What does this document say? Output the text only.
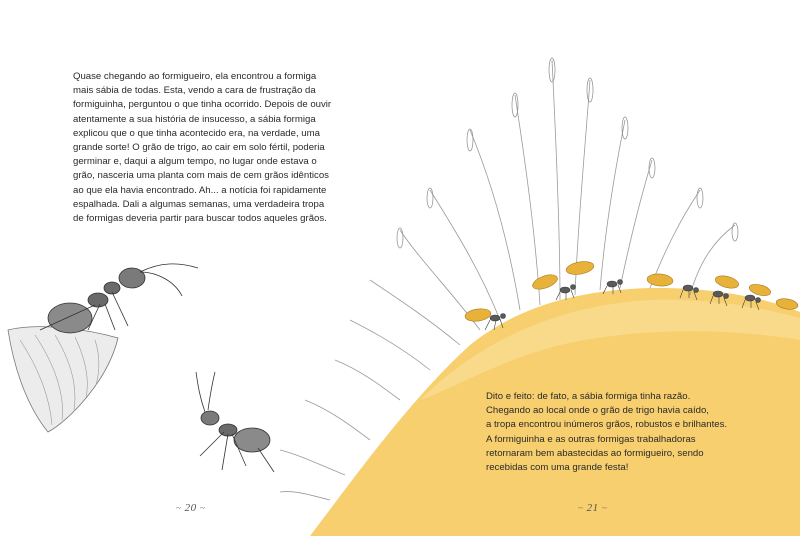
Quase chegando ao formigueiro, ela encontrou a formiga
mais sábia de todas. Esta, vendo a cara de frustração da
formiguinha, perguntou o que tinha ocorrido. Depois de ouvir
atentamente a sua história de insucesso, a sábia formiga
explicou que o que tinha acontecido era, na verdade, uma
grande sorte! O grão de trigo, ao cair em solo fértil, poderia
germinar e, daqui a algum tempo, no lugar onde estava o
grão, nasceria uma planta com mais de cem grãos idênticos
ao que ela havia encontrado. Ah... a notícia foi rapidamente
espalhada. Dali a algumas semanas, uma verdadeira tropa
de formigas deveria partir para buscar todos aqueles grãos.
Dito e feito: de fato, a sábia formiga tinha razão.
Chegando ao local onde o grão de trigo havia caído,
a tropa encontrou inúmeros grãos, robustos e brilhantes.
A formiguinha e as outras formigas trabalhadoras
retornaram bem abastecidas ao formigueiro, sendo
recebidas com uma grande festa!
~ 20 ~	~ 21 ~
